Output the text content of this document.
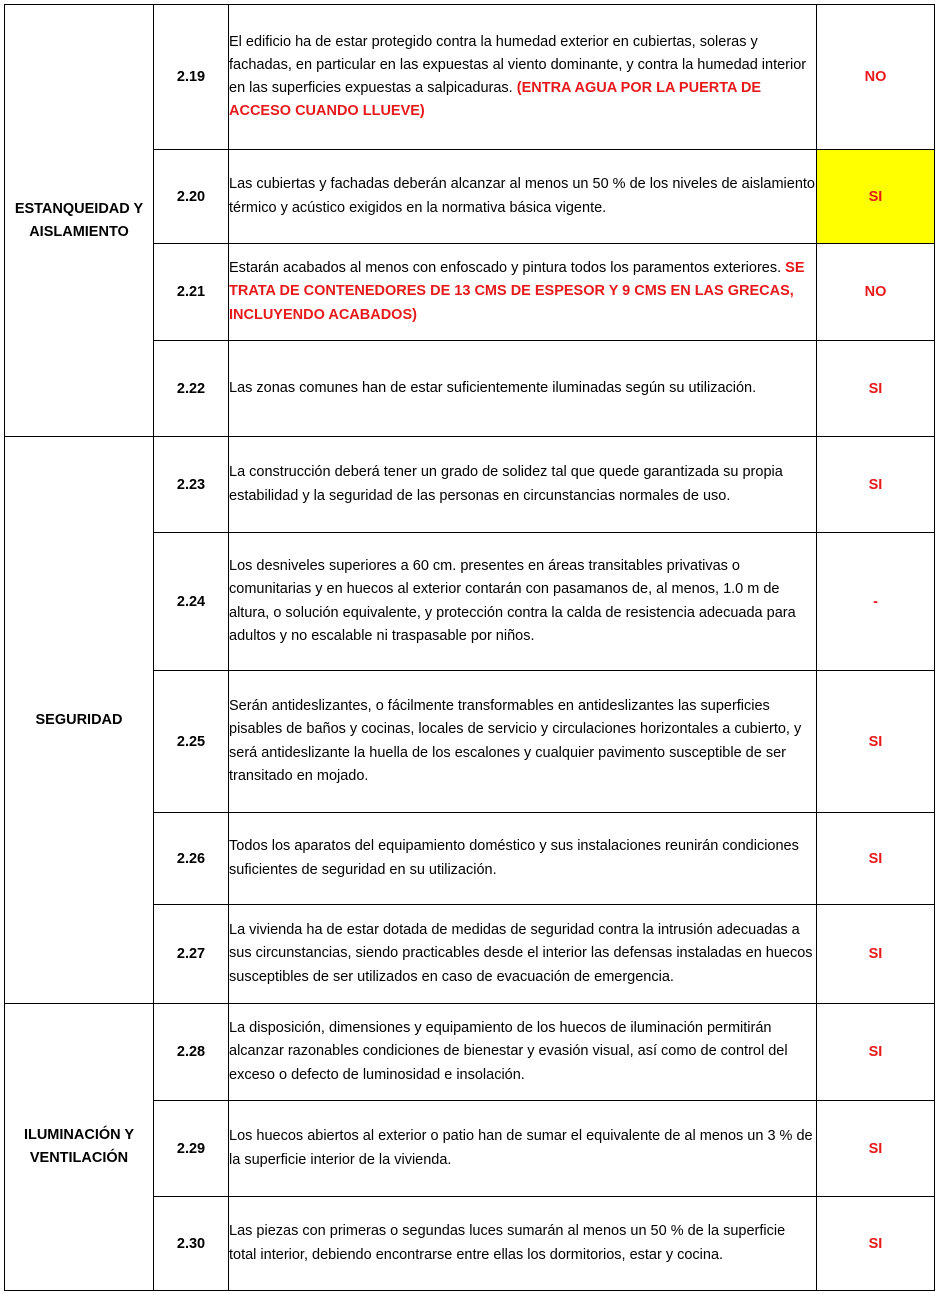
ESTANQUEIDAD Y
AISLAMIENTO	2.19	El edificio ha de estar protegido contra la humedad exterior en cubiertas, soleras y fachadas, en particular en las expuestas al viento dominante, y contra la humedad interior en las superficies expuestas a salpicaduras. (ENTRA AGUA POR LA PUERTA DE ACCESO CUANDO LLUEVE)	NO
	2.20	Las cubiertas y fachadas deberán alcanzar al menos un 50 % de los niveles de aislamiento térmico y acústico exigidos en la normativa básica vigente.	SI
	2.21	Estarán acabados al menos con enfoscado y pintura todos los paramentos exteriores. SE TRATA DE CONTENEDORES DE 13 CMS DE ESPESOR Y 9 CMS EN LAS GRECAS, INCLUYENDO ACABADOS)	NO
	2.22	Las zonas comunes han de estar suficientemente iluminadas según su utilización.	SI
SEGURIDAD	2.23	La construcción deberá tener un grado de solidez tal que quede garantizada su propia estabilidad y la seguridad de las personas en circunstancias normales de uso.	SI
	2.24	Los desniveles superiores a 60 cm. presentes en áreas transitables privativas o comunitarias y en huecos al exterior contarán con pasamanos de, al menos, 1.0 m de altura, o solución equivalente, y protección contra la calda de resistencia adecuada para adultos y no escalable ni traspasable por niños.	-
	2.25	Serán antideslizantes, o fácilmente transformables en antideslizantes las superficies pisables de baños y cocinas, locales de servicio y circulaciones horizontales a cubierto, y será antideslizante la huella de los escalones y cualquier pavimento susceptible de ser transitado en mojado.	SI
	2.26	Todos los aparatos del equipamiento doméstico y sus instalaciones reunirán condiciones suficientes de seguridad en su utilización.	SI
	2.27	La vivienda ha de estar dotada de medidas de seguridad contra la intrusión adecuadas a sus circunstancias, siendo practicables desde el interior las defensas instaladas en huecos susceptibles de ser utilizados en caso de evacuación de emergencia.	SI
ILUMINACIÓN Y
VENTILACIÓN	2.28	La disposición, dimensiones y equipamiento de los huecos de iluminación permitirán alcanzar razonables condiciones de bienestar y evasión visual, así como de control del exceso o defecto de luminosidad e insolación.	SI
	2.29	Los huecos abiertos al exterior o patio han de sumar el equivalente de al menos un 3 % de la superficie interior de la vivienda.	SI
	2.30	Las piezas con primeras o segundas luces sumarán al menos un 50 % de la superficie total interior, debiendo encontrarse entre ellas los dormitorios, estar y cocina.	SI
